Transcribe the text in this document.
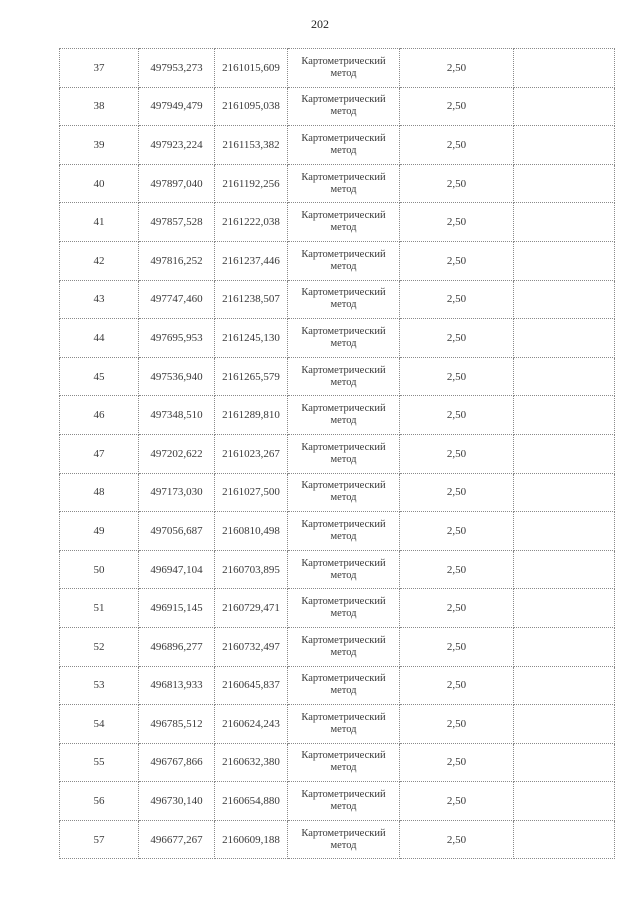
202
37	497953,273	2161015,609	Картометрический метод	2,50	
38	497949,479	2161095,038	Картометрический метод	2,50	
39	497923,224	2161153,382	Картометрический метод	2,50	
40	497897,040	2161192,256	Картометрический метод	2,50	
41	497857,528	2161222,038	Картометрический метод	2,50	
42	497816,252	2161237,446	Картометрический метод	2,50	
43	497747,460	2161238,507	Картометрический метод	2,50	
44	497695,953	2161245,130	Картометрический метод	2,50	
45	497536,940	2161265,579	Картометрический метод	2,50	
46	497348,510	2161289,810	Картометрический метод	2,50	
47	497202,622	2161023,267	Картометрический метод	2,50	
48	497173,030	2161027,500	Картометрический метод	2,50	
49	497056,687	2160810,498	Картометрический метод	2,50	
50	496947,104	2160703,895	Картометрический метод	2,50	
51	496915,145	2160729,471	Картометрический метод	2,50	
52	496896,277	2160732,497	Картометрический метод	2,50	
53	496813,933	2160645,837	Картометрический метод	2,50	
54	496785,512	2160624,243	Картометрический метод	2,50	
55	496767,866	2160632,380	Картометрический метод	2,50	
56	496730,140	2160654,880	Картометрический метод	2,50	
57	496677,267	2160609,188	Картометрический метод	2,50	
